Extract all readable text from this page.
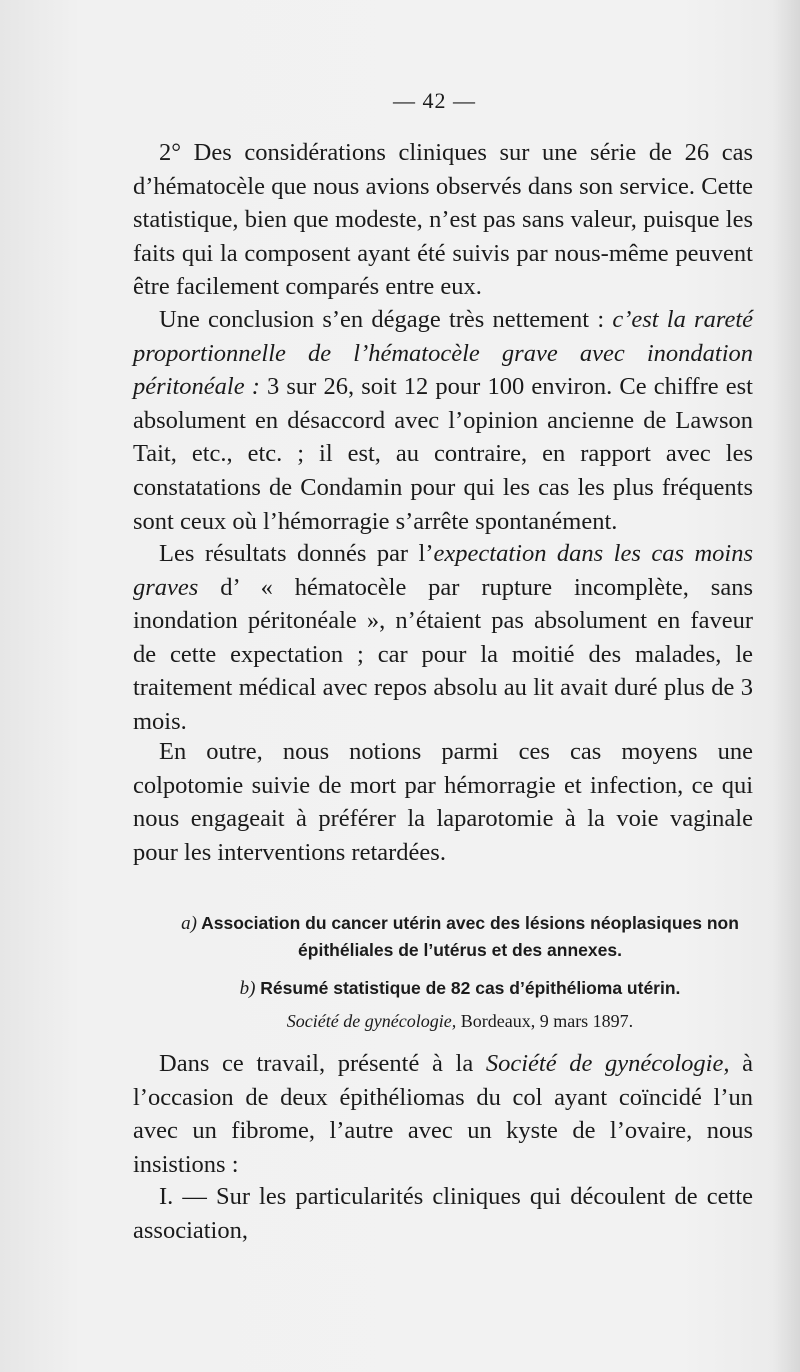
— 42 —

2° Des considérations cliniques sur une série de 26 cas d’hématocèle que nous avions observés dans son service. Cette statistique, bien que modeste, n’est pas sans valeur, puisque les faits qui la composent ayant été suivis par nous-même peuvent être facilement comparés entre eux.

Une conclusion s’en dégage très nettement : c’est la rareté proportionnelle de l’hématocèle grave avec inondation péritonéale : 3 sur 26, soit 12 pour 100 environ. Ce chiffre est absolument en désaccord avec l’opinion ancienne de Lawson Tait, etc., etc. ; il est, au contraire, en rapport avec les constatations de Condamin pour qui les cas les plus fréquents sont ceux où l’hémorragie s’arrête spontanément.

Les résultats donnés par l’expectation dans les cas moins graves d’ « hématocèle par rupture incomplète, sans inondation péritonéale », n’étaient pas absolument en faveur de cette expectation ; car pour la moitié des malades, le traitement médical avec repos absolu au lit avait duré plus de 3 mois.

En outre, nous notions parmi ces cas moyens une colpotomie suivie de mort par hémorragie et infection, ce qui nous engageait à préférer la laparotomie à la voie vaginale pour les interventions retardées.

Dans ce travail, présenté à la Société de gynécologie, à l’occasion de deux épithéliomas du col ayant coïncidé l’un avec un fibrome, l’autre avec un kyste de l’ovaire, nous insistions :

I. — Sur les particularités cliniques qui découlent de cette association,

a) Association du cancer utérin avec des lésions néoplasiques non épithéliales de l’utérus et des annexes.
b) Résumé statistique de 82 cas d’épithélioma utérin.
Société de gynécologie, Bordeaux, 9 mars 1897.
